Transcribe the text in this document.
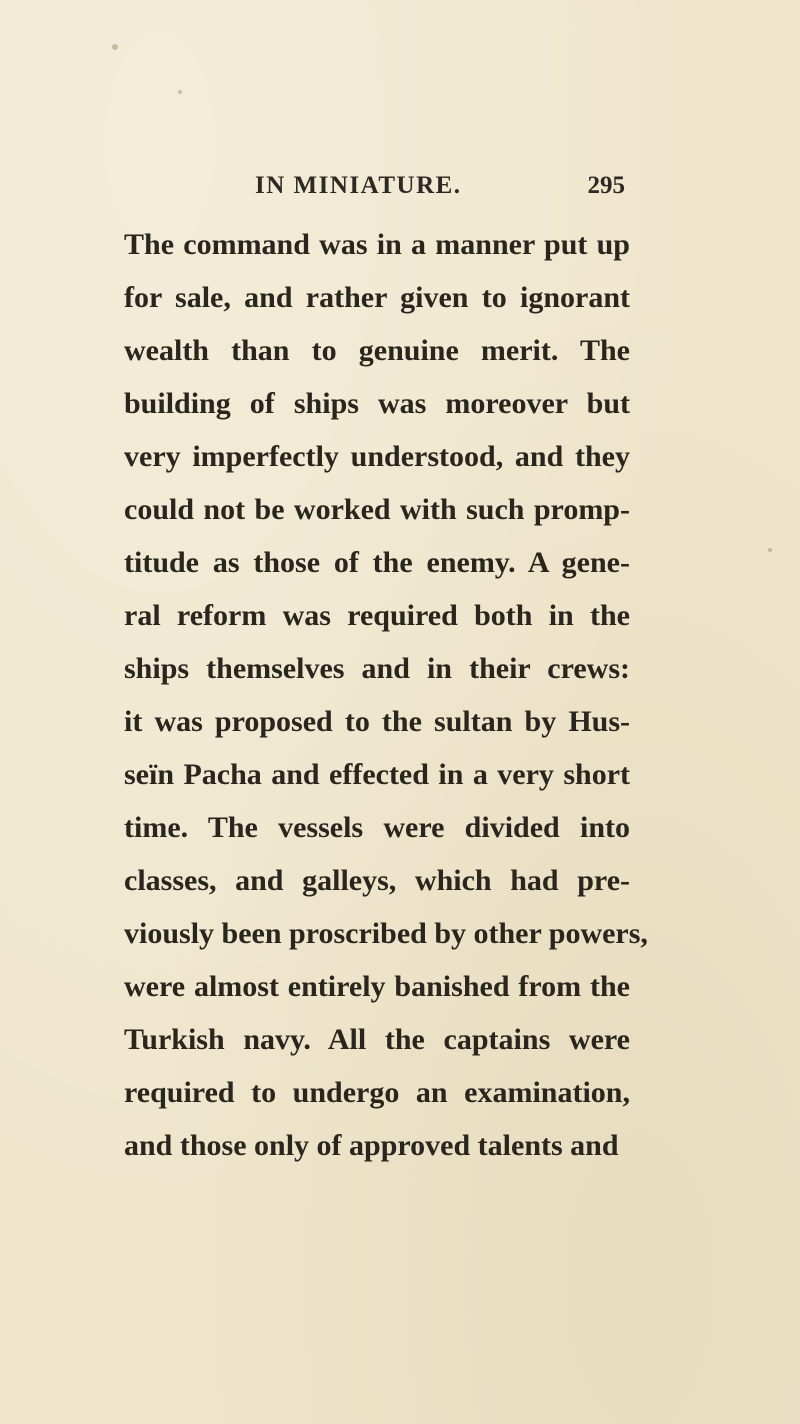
IN MINIATURE.	295
The command was in a manner put up
for sale, and rather given to ignorant
wealth than to genuine merit. The
building of ships was moreover but
very imperfectly understood, and they
could not be worked with such promp-
titude as those of the enemy. A gene-
ral reform was required both in the
ships themselves and in their crews:
it was proposed to the sultan by Hus-
seïn Pacha and effected in a very short
time. The vessels were divided into
classes, and galleys, which had pre-
viously been proscribed by other powers,
were almost entirely banished from the
Turkish navy. All the captains were
required to undergo an examination,
and those only of approved talents and
